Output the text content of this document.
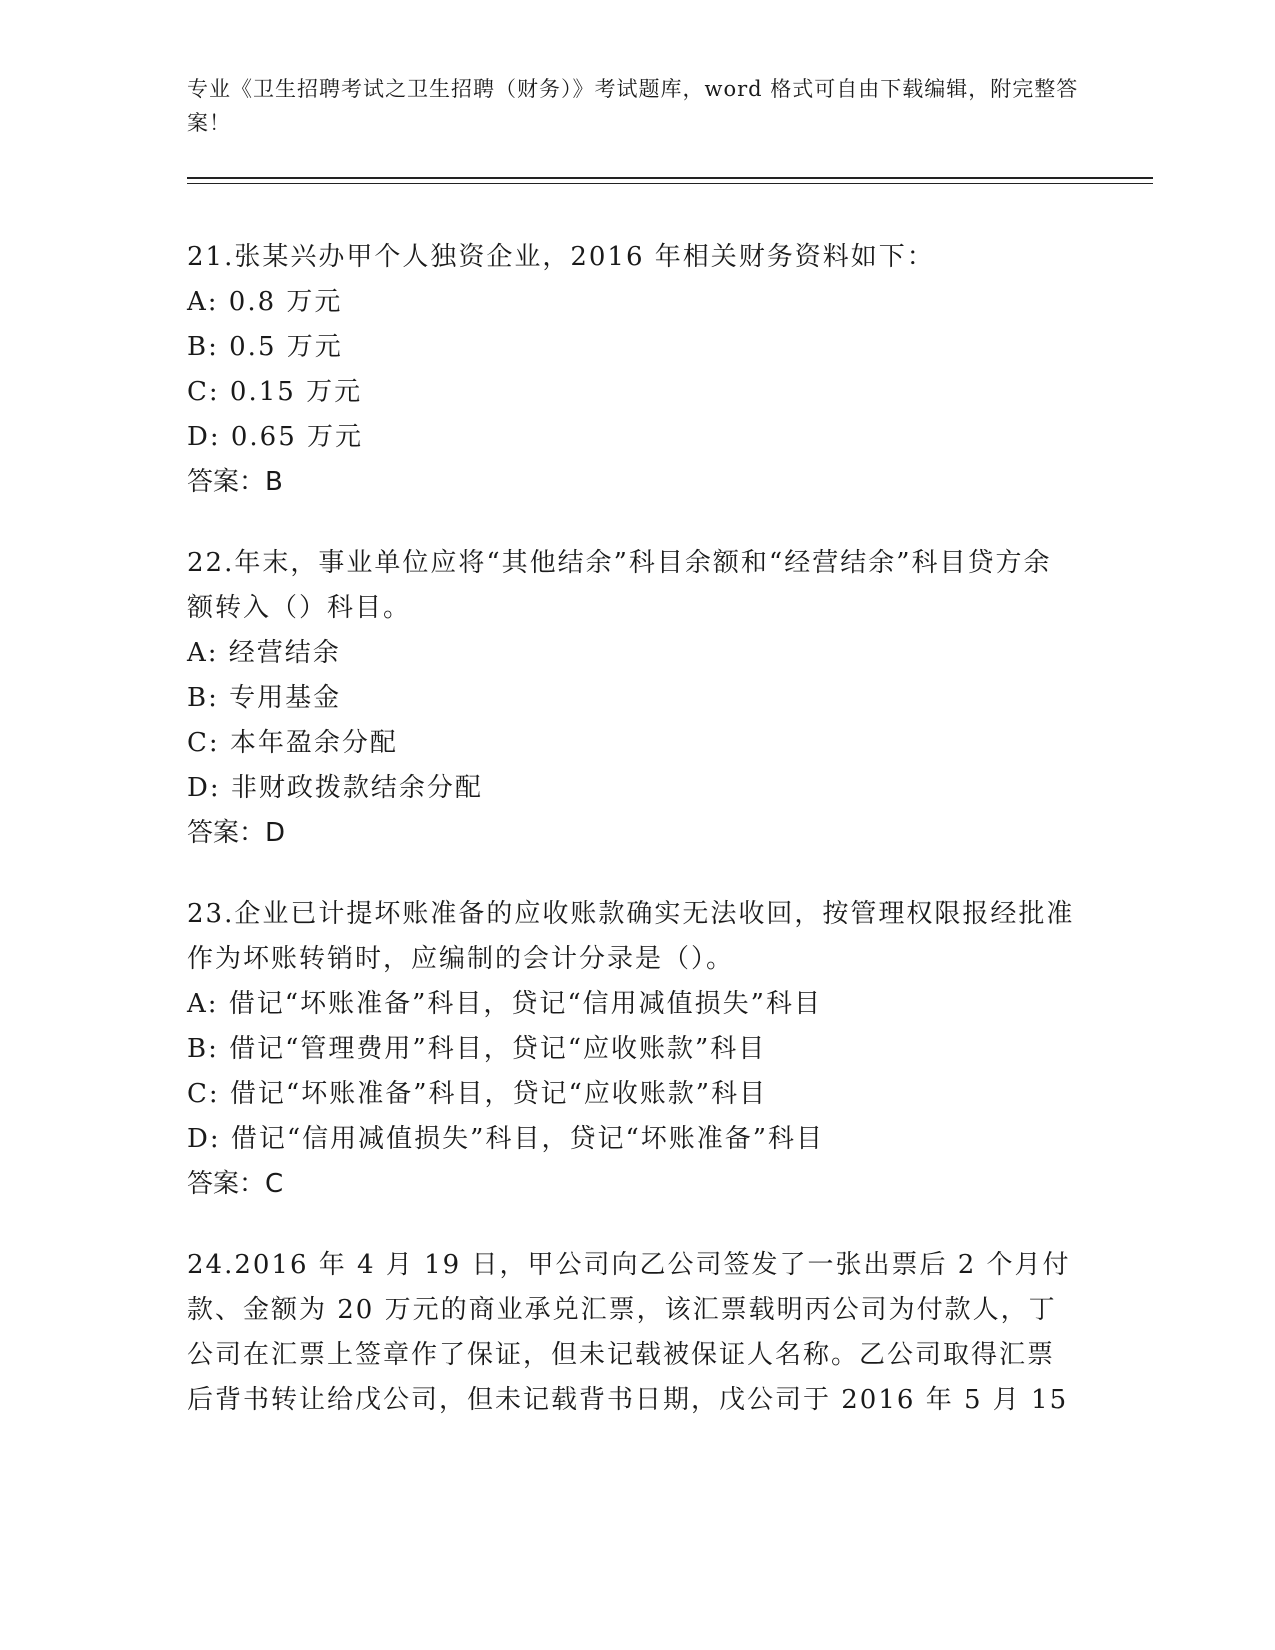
专业《卫生招聘考试之卫生招聘（财务）》考试题库，word 格式可自由下载编辑，附完整答案！

21.张某兴办甲个人独资企业，2016 年相关财务资料如下：

A: 0.8 万元

B: 0.5 万元

C: 0.15 万元

D: 0.65 万元

答案：B

22.年末，事业单位应将“其他结余”科目余额和“经营结余”科目贷方余额转入（）科目。

A: 经营结余

B: 专用基金

C: 本年盈余分配

D: 非财政拨款结余分配

答案：D

23.企业已计提坏账准备的应收账款确实无法收回，按管理权限报经批准作为坏账转销时，应编制的会计分录是（）。

A: 借记“坏账准备”科目，贷记“信用减值损失”科目

B: 借记“管理费用”科目，贷记“应收账款”科目

C: 借记“坏账准备”科目，贷记“应收账款”科目

D: 借记“信用减值损失”科目，贷记“坏账准备”科目

答案：C

24.2016 年 4 月 19 日，甲公司向乙公司签发了一张出票后 2 个月付款、金额为 20 万元的商业承兑汇票，该汇票载明丙公司为付款人，丁公司在汇票上签章作了保证，但未记载被保证人名称。乙公司取得汇票后背书转让给戊公司，但未记载背书日期，戊公司于 2016 年 5 月 15
